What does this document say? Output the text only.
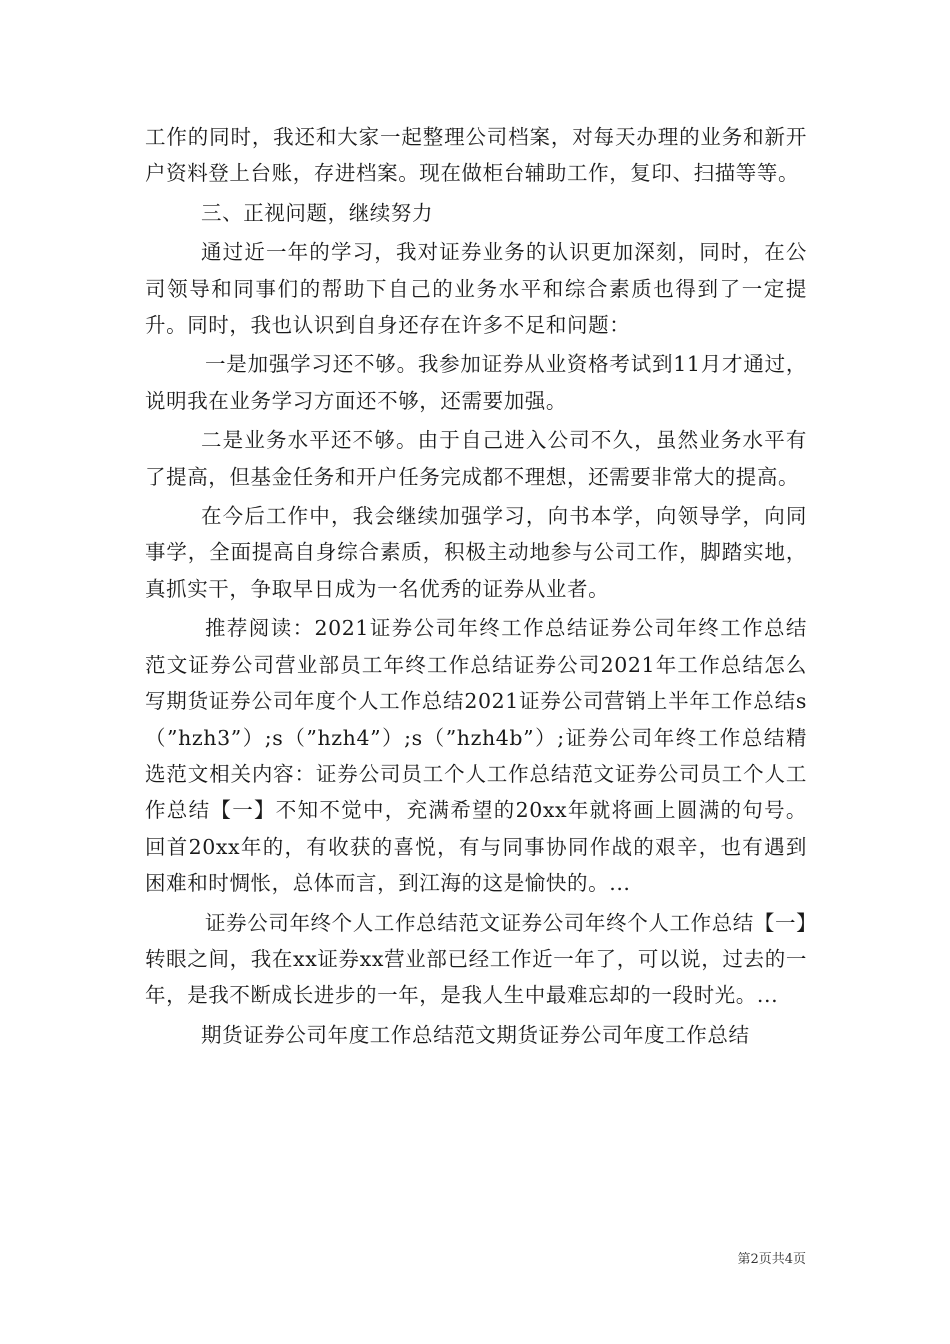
工作的同时，我还和大家一起整理公司档案，对每天办理的业务和新开户资料登上台账，存进档案。现在做柜台辅助工作，复印、扫描等等。

三、正视问题，继续努力

通过近一年的学习，我对证券业务的认识更加深刻，同时，在公司领导和同事们的帮助下自己的业务水平和综合素质也得到了一定提升。同时，我也认识到自身还存在许多不足和问题：

一是加强学习还不够。我参加证券从业资格考试到11月才通过，说明我在业务学习方面还不够，还需要加强。

二是业务水平还不够。由于自己进入公司不久，虽然业务水平有了提高，但基金任务和开户任务完成都不理想，还需要非常大的提高。

在今后工作中，我会继续加强学习，向书本学，向领导学，向同事学，全面提高自身综合素质，积极主动地参与公司工作，脚踏实地，真抓实干，争取早日成为一名优秀的证券从业者。

推荐阅读：2021证券公司年终工作总结证券公司年终工作总结范文证券公司营业部员工年终工作总结证券公司2021年工作总结怎么写期货证券公司年度个人工作总结2021证券公司营销上半年工作总结s（”hzh3”）;s（”hzh4”）;s（”hzh4b”）;证券公司年终工作总结精选范文相关内容：证券公司员工个人工作总结范文证券公司员工个人工作总结【一】不知不觉中，充满希望的20xx年就将画上圆满的句号。回首20xx年的，有收获的喜悦，有与同事协同作战的艰辛，也有遇到困难和时惆怅，总体而言，到江海的这是愉快的。...

证券公司年终个人工作总结范文证券公司年终个人工作总结【一】转眼之间，我在xx证券xx营业部已经工作近一年了，可以说，过去的一年，是我不断成长进步的一年，是我人生中最难忘却的一段时光。...

期货证券公司年度工作总结范文期货证券公司年度工作总结

第2页共4页
